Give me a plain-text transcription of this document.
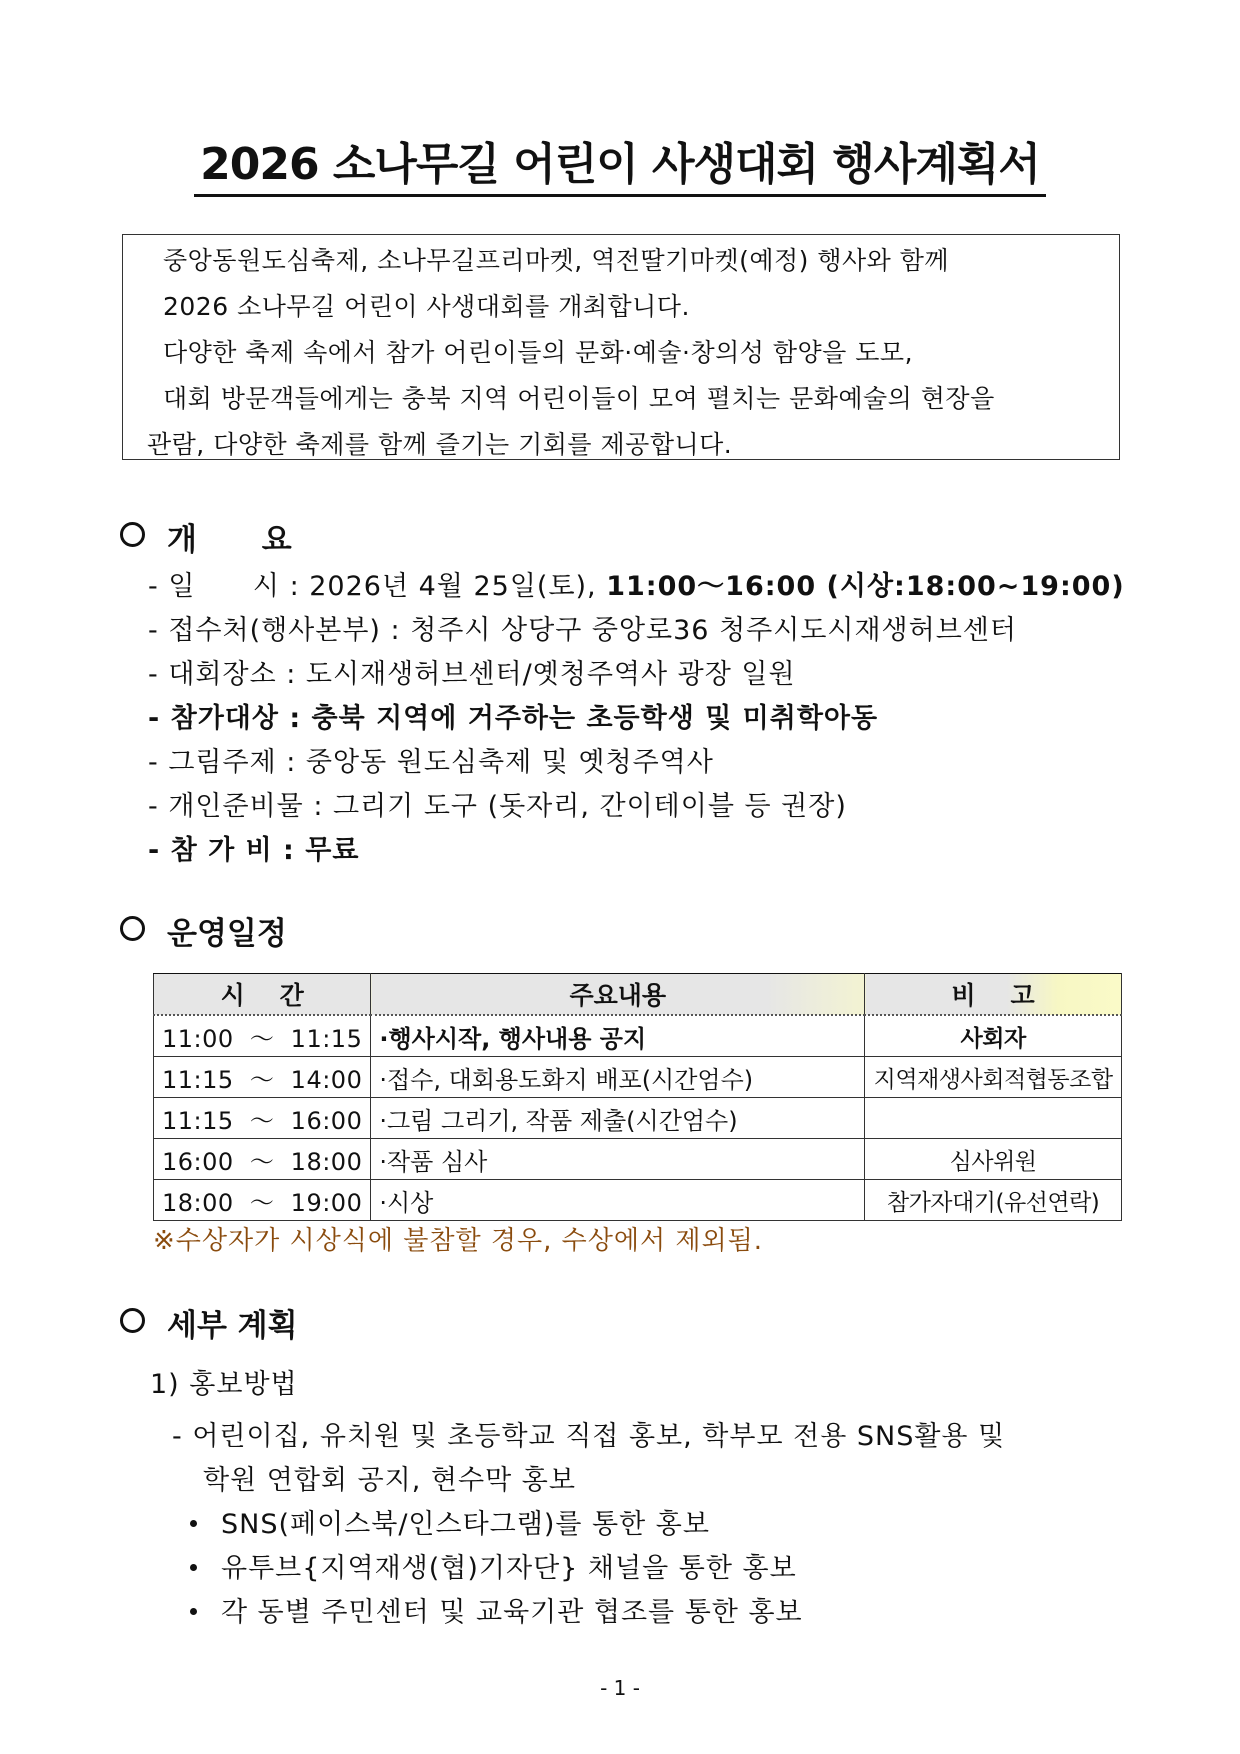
2026 소나무길 어린이 사생대회 행사계획서
중앙동원도심축제, 소나무길프리마켓, 역전딸기마켓(예정) 행사와 함께
2026 소나무길 어린이 사생대회를 개최합니다.
다양한 축제 속에서 참가 어린이들의 문화·예술·창의성 함양을 도모,
대회 방문객들에게는 충북 지역 어린이들이 모여 펼치는 문화예술의 현장을
관람, 다양한 축제를 함께 즐기는 기회를 제공합니다.
개      요
- 일      시 : 2026년 4월 25일(토), 11:00～16:00 (시상:18:00~19:00)
- 접수처(행사본부) : 청주시 상당구 중앙로36 청주시도시재생허브센터
- 대회장소 : 도시재생허브센터/옛청주역사 광장 일원
- 참가대상 : 충북 지역에 거주하는 초등학생 및 미취학아동
- 그림주제 : 중앙동 원도심축제 및 옛청주역사
- 개인준비물 : 그리기 도구 (돗자리, 간이테이블 등 권장)
- 참 가 비 : 무료
운영일정
시    간	주요내용	비    고
11:00  ～  11:15	·행사시작, 행사내용 공지	사회자
11:15  ～  14:00	·접수, 대회용도화지 배포(시간엄수)	지역재생사회적협동조합
11:15  ～  16:00	·그림 그리기, 작품 제출(시간엄수)	
16:00  ～  18:00	·작품 심사	심사위원
18:00  ～  19:00	·시상	참가자대기(유선연락)
※수상자가 시상식에 불참할 경우, 수상에서 제외됨.
세부 계획
1) 홍보방법
- 어린이집, 유치원 및 초등학교 직접 홍보, 학부모 전용 SNS활용 및
학원 연합회 공지, 현수막 홍보
SNS(페이스북/인스타그램)를 통한 홍보
유투브{지역재생(협)기자단} 채널을 통한 홍보
각 동별 주민센터 및 교육기관 협조를 통한 홍보
- 1 -
